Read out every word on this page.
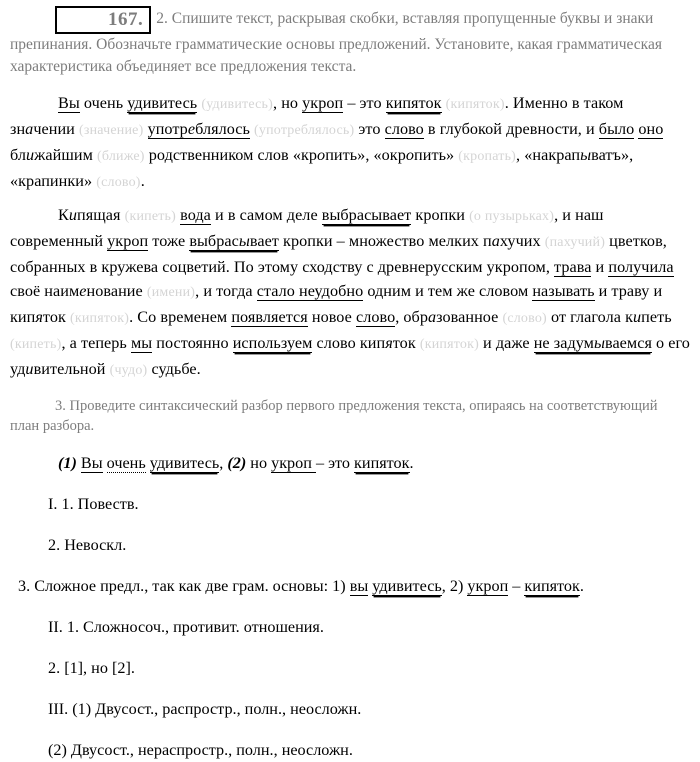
167. 2. Спишите текст, раскрывая скобки, вставляя пропущенные буквы и знаки препинания. Обозначьте грамматические основы предложений. Установите, какая грамматическая характеристика объединяет все предложения текста.

Вы очень удивитесь (удивитесь), но укроп – это кипяток (кипяток). Именно в таком значении (значение) употреблялось (употреблялось) это слово в глубокой древности, и было оно ближайшим (ближе) родственником слов «кропить», «окропить» (кропать), «накрапыватъ», «крапинки» (слово).

Кипящая (кипеть) вода и в самом деле выбрасывает кропки (о пузырьках), и наш современный укроп тоже выбрасывает кропки – множество мелких пахучих (пахучий) цветков, собранных в кружева соцветий. По этому сходству с древнерусским укропом, трава и получила своё наименование (имени), и тогда стало неудобно одним и тем же словом называть и траву и кипяток (кипяток). Со временем появляется новое слово, образованное (слово) от глагола кипеть (кипеть), а теперь мы постоянно используем слово кипяток (кипяток) и даже не задумываемся о его удивительной (чудо) судьбе.

3. Проведите синтаксический разбор первого предложения текста, опираясь на соответствующий план разбора.

(1) Вы очень удивитесь, (2) но укроп – это кипяток.

I. 1. Повеств.

2. Невоскл.

3. Сложное предл., так как две грам. основы: 1) вы удивитесь, 2) укроп – кипяток.

II. 1. Сложносоч., противит. отношения.

2. [1], но [2].

III. (1) Двусост., распростр., полн., неосложн.

(2) Двусост., нераспростр., полн., неосложн.
